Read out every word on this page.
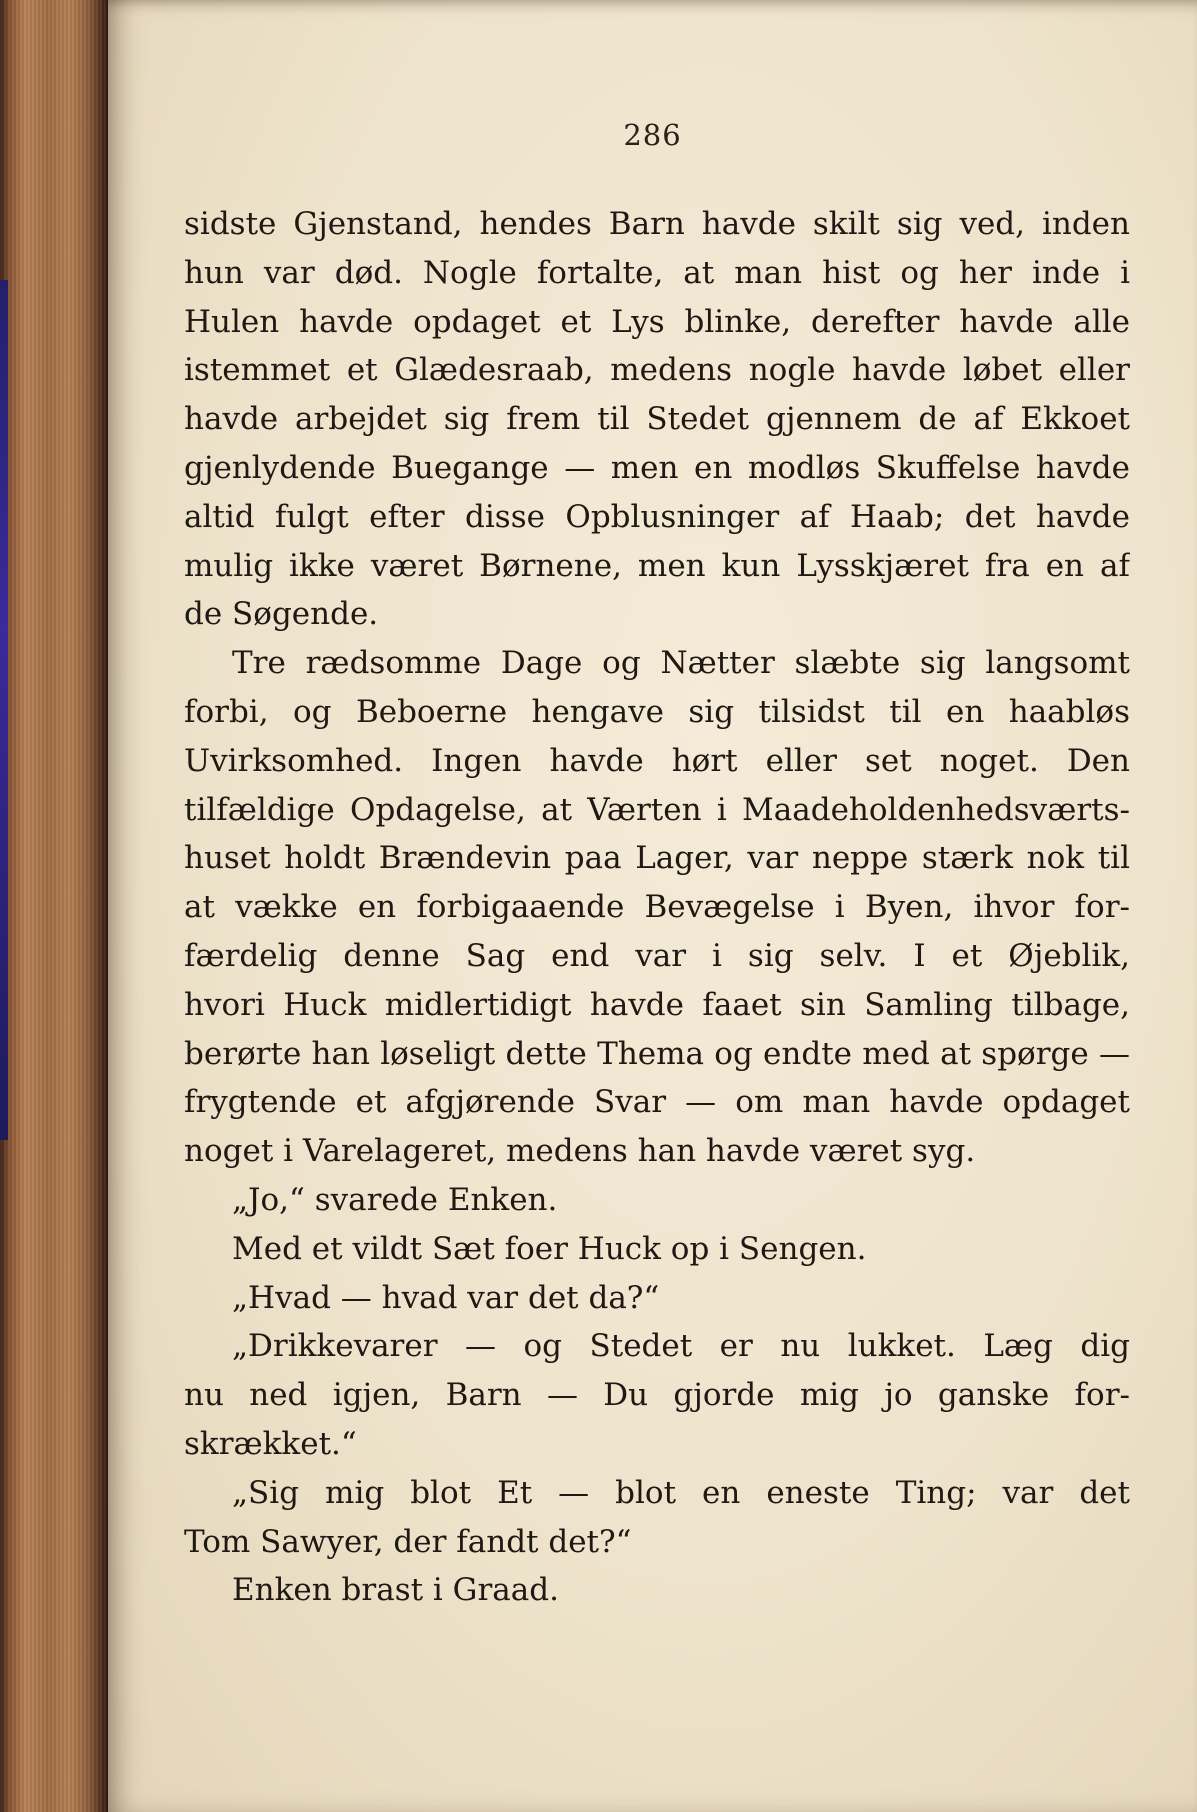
286
sidste Gjenstand, hendes Barn havde skilt sig ved, inden
hun var død. Nogle fortalte, at man hist og her inde i
Hulen havde opdaget et Lys blinke, derefter havde alle
istemmet et Glædesraab, medens nogle havde løbet eller
havde arbejdet sig frem til Stedet gjennem de af Ekkoet
gjenlydende Buegange — men en modløs Skuffelse havde
altid fulgt efter disse Opblusninger af Haab; det havde
mulig ikke været Børnene, men kun Lysskjæret fra en af
de Søgende.
Tre rædsomme Dage og Nætter slæbte sig langsomt
forbi, og Beboerne hengave sig tilsidst til en haabløs
Uvirksomhed. Ingen havde hørt eller set noget. Den
tilfældige Opdagelse, at Værten i Maadeholdenhedsværts-
huset holdt Brændevin paa Lager, var neppe stærk nok til
at vække en forbigaaende Bevægelse i Byen, ihvor for-
færdelig denne Sag end var i sig selv. I et Øjeblik,
hvori Huck midlertidigt havde faaet sin Samling tilbage,
berørte han løseligt dette Thema og endte med at spørge —
frygtende et afgjørende Svar — om man havde opdaget
noget i Varelageret, medens han havde været syg.
„Jo,“ svarede Enken.
Med et vildt Sæt foer Huck op i Sengen.
„Hvad — hvad var det da?“
„Drikkevarer — og Stedet er nu lukket. Læg dig
nu ned igjen, Barn — Du gjorde mig jo ganske for-
skrækket.“
„Sig mig blot Et — blot en eneste Ting; var det
Tom Sawyer, der fandt det?“
Enken brast i Graad.
